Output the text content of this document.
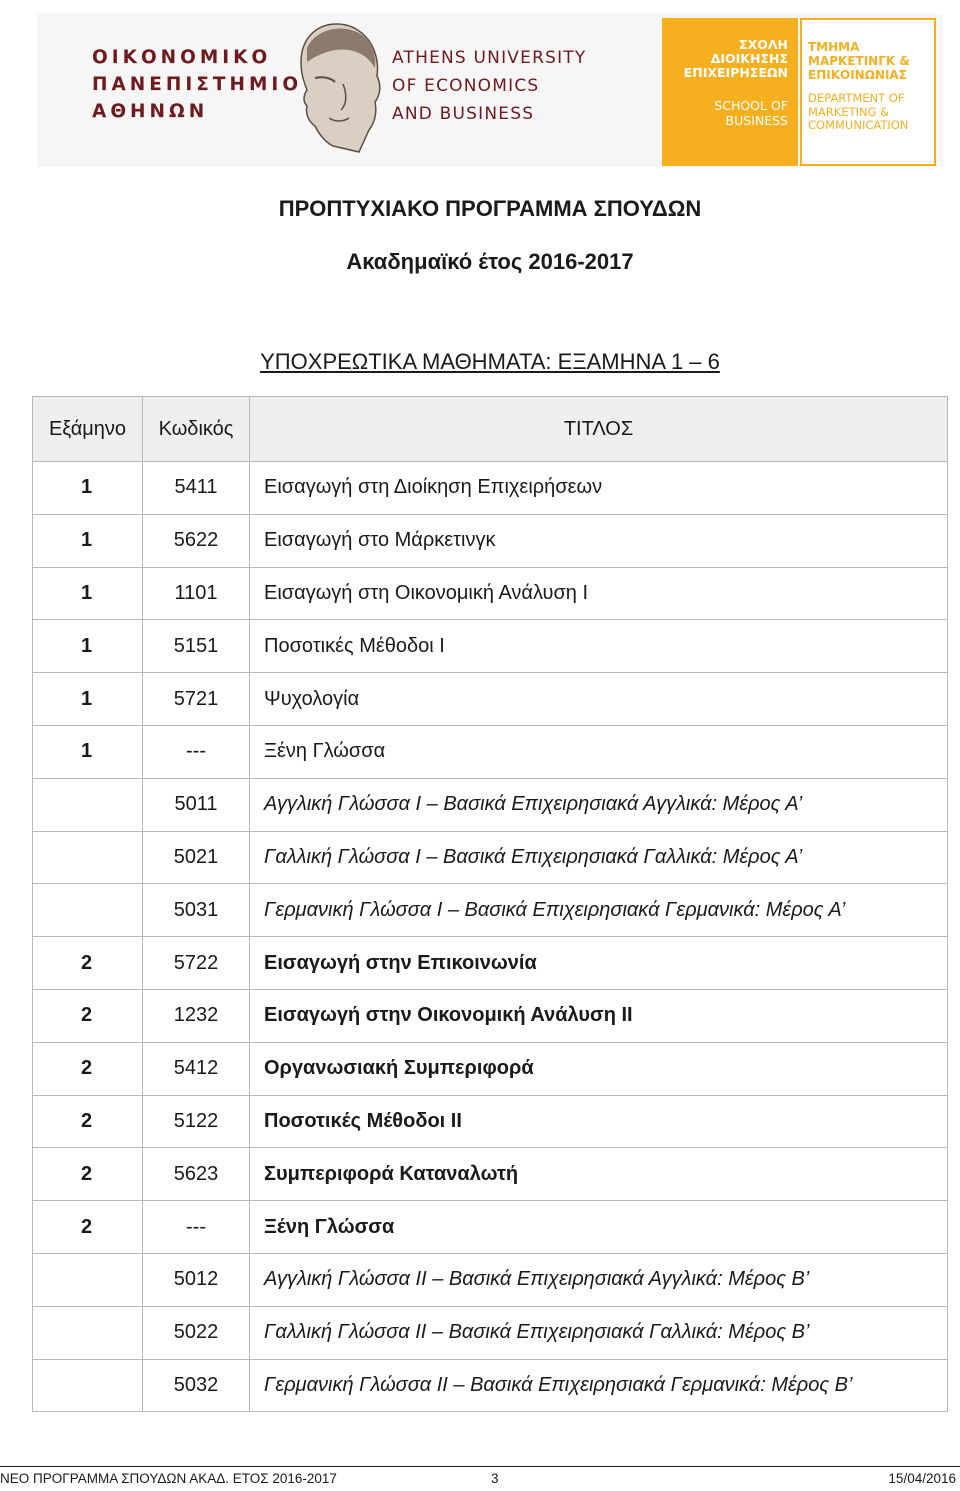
ΟΙΚΟΝΟΜΙΚΟ
ΠΑΝΕΠΙΣΤΗΜΙΟ
ΑΘΗΝΩΝ
ATHENS UNIVERSITY
OF ECONOMICS
AND BUSINESS
ΣΧΟΛΗ
ΔΙΟΙΚΗΣΗΣ
ΕΠΙΧΕΙΡΗΣΕΩΝ
SCHOOL OF
BUSINESS
ΤΜΗΜΑ
ΜΑΡΚΕΤΙΝΓΚ &
ΕΠΙΚΟΙΝΩΝΙΑΣ
DEPARTMENT OF
MARKETING &
COMMUNICATION
ΠΡΟΠΤΥΧΙΑΚΟ ΠΡΟΓΡΑΜΜΑ ΣΠΟΥΔΩΝ
Ακαδημαϊκό έτος 2016-2017
ΥΠΟΧΡΕΩΤΙΚΑ ΜΑΘΗΜΑΤΑ: ΕΞΑΜΗΝΑ 1 – 6
Εξάμηνο	Κωδικός	ΤΙΤΛΟΣ
1	5411	Εισαγωγή στη Διοίκηση Επιχειρήσεων
1	5622	Εισαγωγή στο Μάρκετινγκ
1	1101	Εισαγωγή στη Οικονομική Ανάλυση Ι
1	5151	Ποσοτικές Μέθοδοι Ι
1	5721	Ψυχολογία
1	---	Ξένη Γλώσσα
	5011	Αγγλική Γλώσσα Ι – Βασικά Επιχειρησιακά Αγγλικά: Μέρος Α’
	5021	Γαλλική Γλώσσα Ι – Βασικά Επιχειρησιακά Γαλλικά: Μέρος Α’
	5031	Γερμανική Γλώσσα Ι – Βασικά Επιχειρησιακά Γερμανικά: Μέρος Α’
2	5722	Εισαγωγή στην Επικοινωνία
2	1232	Εισαγωγή στην Οικονομική Ανάλυση ΙΙ
2	5412	Οργανωσιακή Συμπεριφορά
2	5122	Ποσοτικές Μέθοδοι ΙΙ
2	5623	Συμπεριφορά Καταναλωτή
2	---	Ξένη Γλώσσα
	5012	Αγγλική Γλώσσα ΙΙ – Βασικά Επιχειρησιακά Αγγλικά: Μέρος Β’
	5022	Γαλλική Γλώσσα ΙΙ – Βασικά Επιχειρησιακά Γαλλικά: Μέρος Β’
	5032	Γερμανική Γλώσσα ΙΙ – Βασικά Επιχειρησιακά Γερμανικά: Μέρος Β’
ΝΕΟ ΠΡΟΓΡΑΜΜΑ ΣΠΟΥΔΩΝ ΑΚΑΔ. ΕΤΟΣ 2016-2017	3	15/04/2016
